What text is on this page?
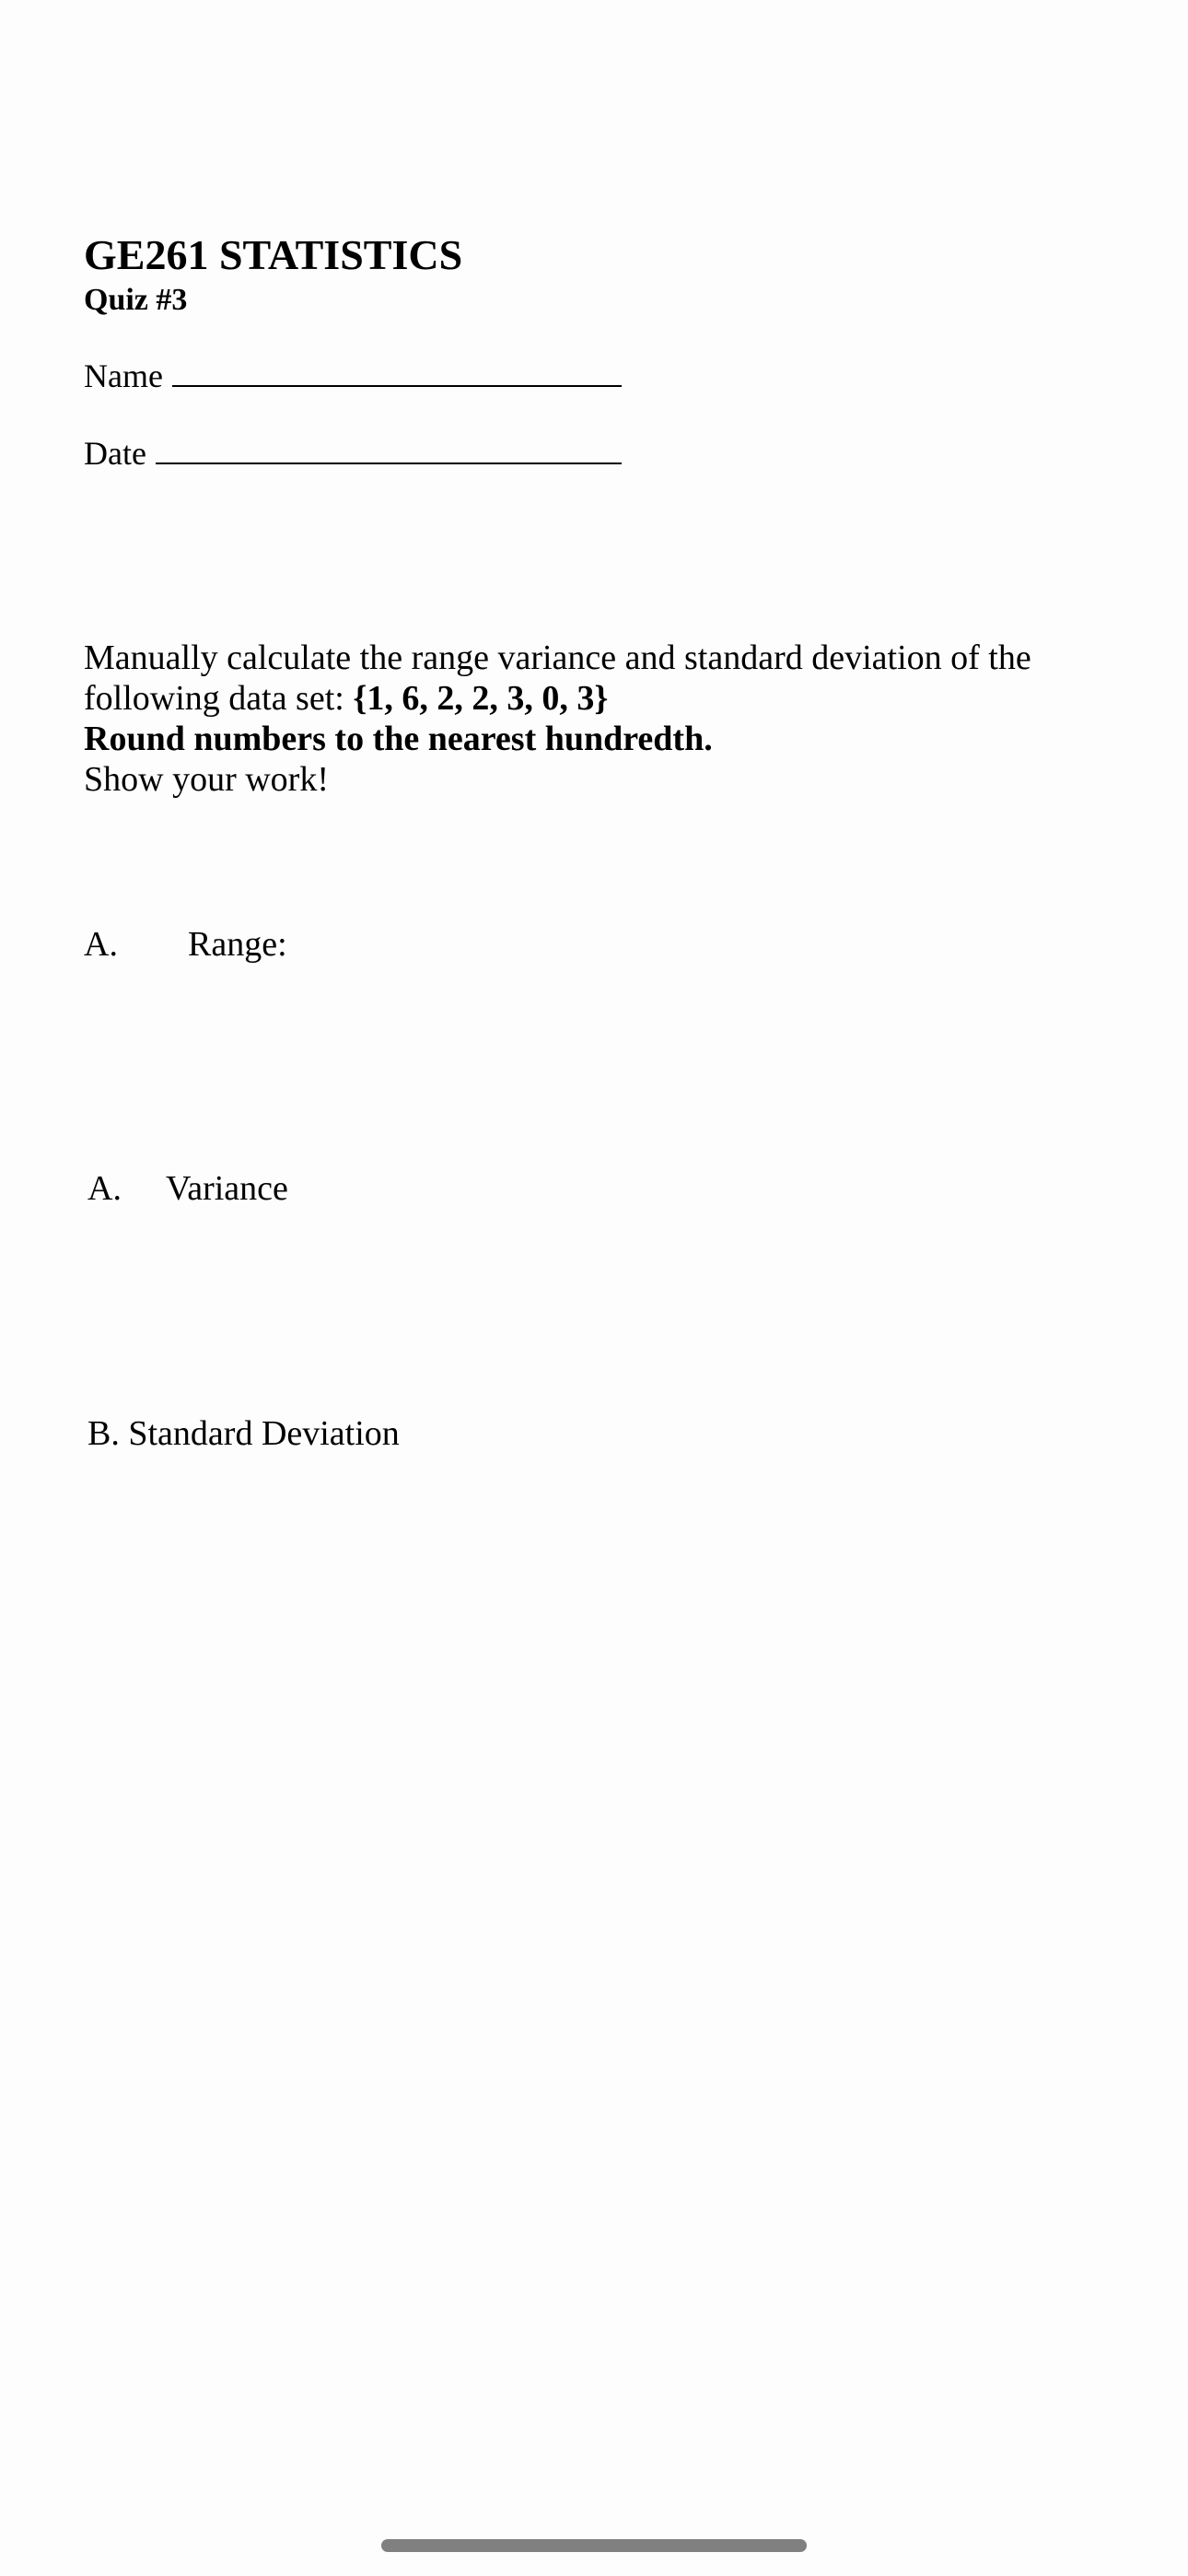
GE261 STATISTICS
Quiz #3
Name
Date

Manually calculate the range variance and standard deviation of the following data set: {1, 6, 2, 2, 3, 0, 3}

Round numbers to the nearest hundredth.

Show your work!

A. Range:
A. Variance
B. Standard Deviation
